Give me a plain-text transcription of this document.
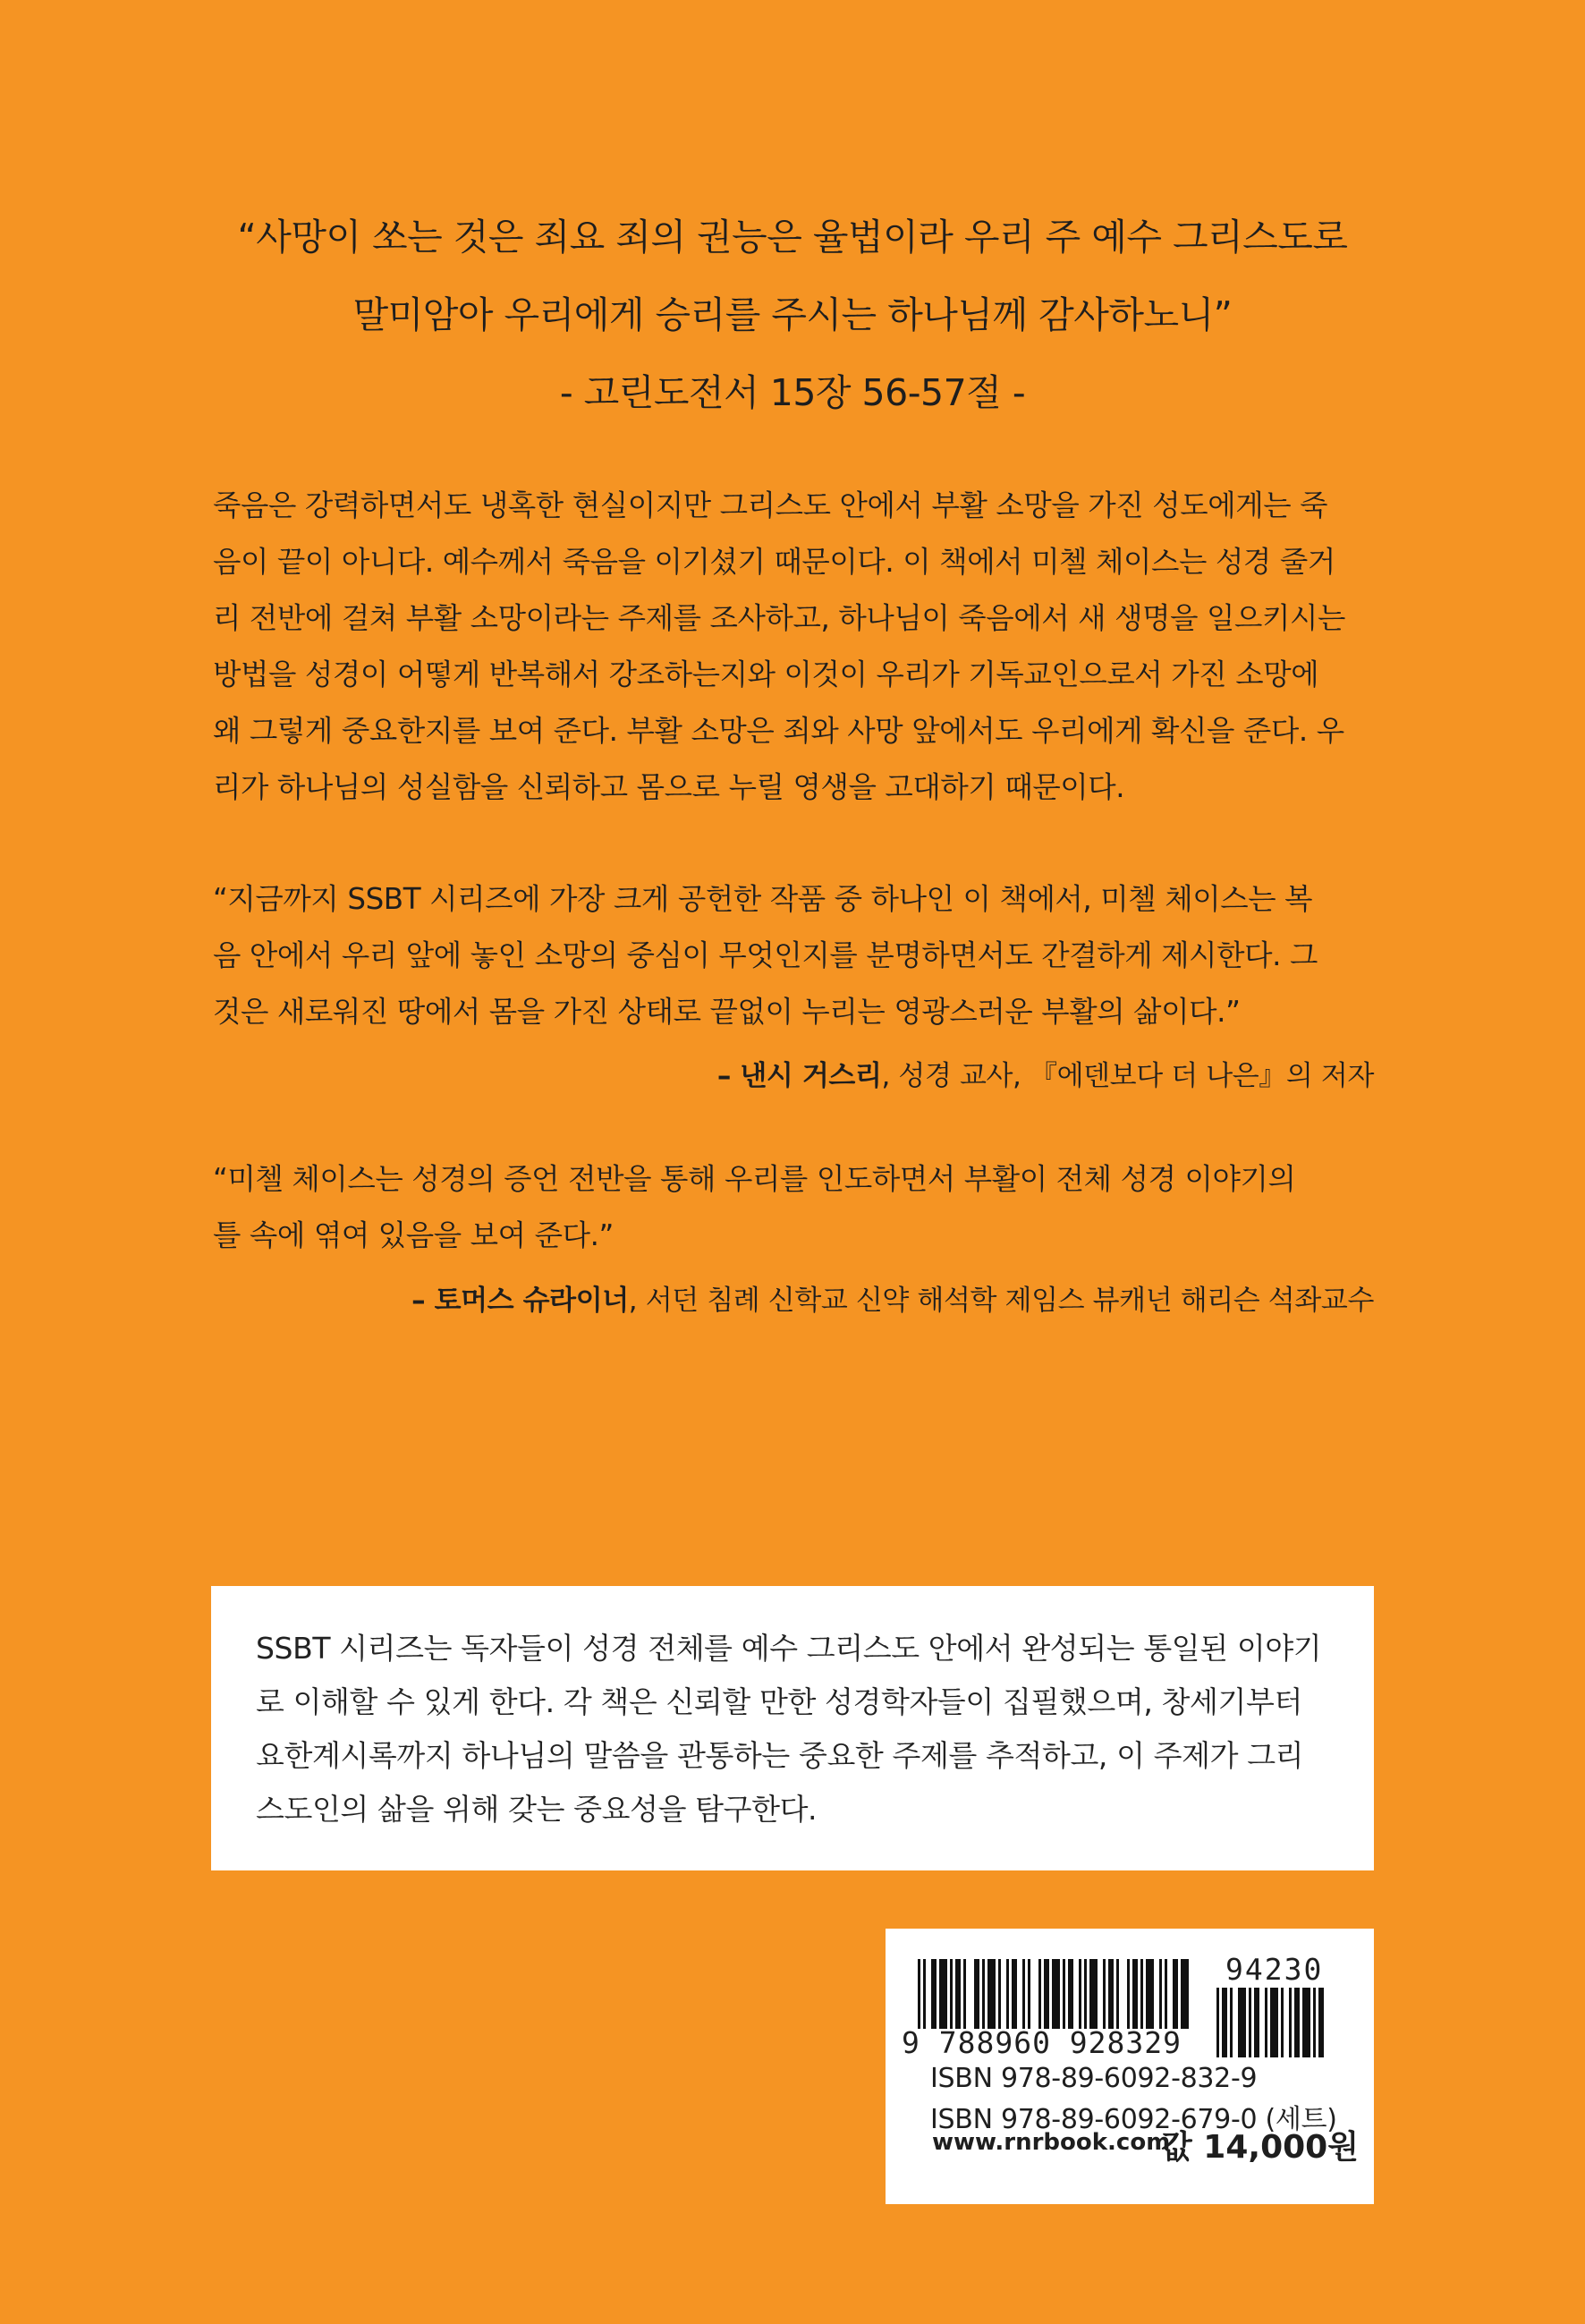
“사망이 쏘는 것은 죄요 죄의 권능은 율법이라 우리 주 예수 그리스도로
말미암아 우리에게 승리를 주시는 하나님께 감사하노니”
- 고린도전서 15장 56-57절 -
죽음은 강력하면서도 냉혹한 현실이지만 그리스도 안에서 부활 소망을 가진 성도에게는 죽
음이 끝이 아니다. 예수께서 죽음을 이기셨기 때문이다. 이 책에서 미첼 체이스는 성경 줄거
리 전반에 걸쳐 부활 소망이라는 주제를 조사하고, 하나님이 죽음에서 새 생명을 일으키시는
방법을 성경이 어떻게 반복해서 강조하는지와 이것이 우리가 기독교인으로서 가진 소망에
왜 그렇게 중요한지를 보여 준다. 부활 소망은 죄와 사망 앞에서도 우리에게 확신을 준다. 우
리가 하나님의 성실함을 신뢰하고 몸으로 누릴 영생을 고대하기 때문이다.
“지금까지 SSBT 시리즈에 가장 크게 공헌한 작품 중 하나인 이 책에서, 미첼 체이스는 복
음 안에서 우리 앞에 놓인 소망의 중심이 무엇인지를 분명하면서도 간결하게 제시한다. 그
것은 새로워진 땅에서 몸을 가진 상태로 끝없이 누리는 영광스러운 부활의 삶이다.”
– 낸시 거스리, 성경 교사, 『에덴보다 더 나은』의 저자
“미첼 체이스는 성경의 증언 전반을 통해 우리를 인도하면서 부활이 전체 성경 이야기의
틀 속에 엮여 있음을 보여 준다.”
– 토머스 슈라이너, 서던 침례 신학교 신약 해석학 제임스 뷰캐넌 해리슨 석좌교수
SSBT 시리즈는 독자들이 성경 전체를 예수 그리스도 안에서 완성되는 통일된 이야기
로 이해할 수 있게 한다. 각 책은 신뢰할 만한 성경학자들이 집필했으며, 창세기부터
요한계시록까지 하나님의 말씀을 관통하는 중요한 주제를 추적하고, 이 주제가 그리
스도인의 삶을 위해 갖는 중요성을 탐구한다.
94230
9 788960 928329
ISBN 978-89-6092-832-9
ISBN 978-89-6092-679-0 (세트)
www.rnrbook.com
값 14,000원
